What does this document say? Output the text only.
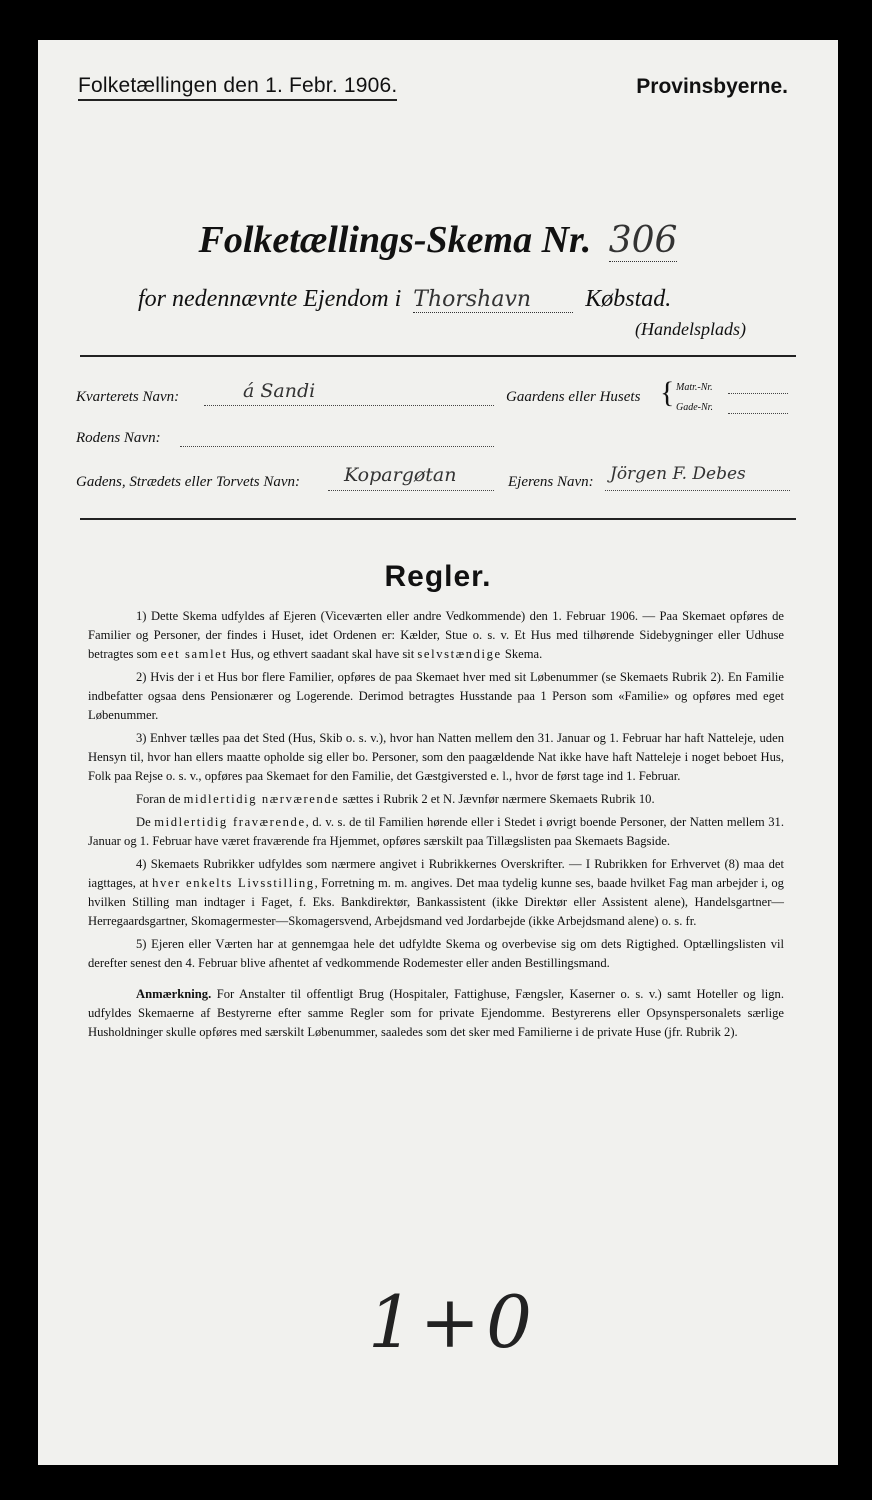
Folketællingen den 1. Febr. 1906.	Provinsbyerne.
Folketællings-Skema Nr. 306
for nedennævnte Ejendom i Thorshavn Købstad.
(Handelsplads)
Kvarterets Navn:	á Sandi	Gaardens eller Husets { Matr.-Nr.
Gade-Nr.
Rodens Navn:
Gadens, Strædets eller Torvets Navn: Kopargøtan	Ejerens Navn: Jörgen F. Debes
Regler.

1) Dette Skema udfyldes af Ejeren (Viceværten eller andre Vedkommende) den 1. Februar 1906. — Paa Skemaet opføres de Familier og Personer, der findes i Huset, idet Ordenen er: Kælder, Stue o. s. v. Et Hus med tilhørende Sidebygninger eller Udhuse betragtes som eet samlet Hus, og ethvert saadant skal have sit selvstændige Skema.

2) Hvis der i et Hus bor flere Familier, opføres de paa Skemaet hver med sit Løbenummer (se Skemaets Rubrik 2). En Familie indbefatter ogsaa dens Pensionærer og Logerende. Derimod betragtes Husstande paa 1 Person som «Familie» og opføres med eget Løbenummer.

3) Enhver tælles paa det Sted (Hus, Skib o. s. v.), hvor han Natten mellem den 31. Januar og 1. Februar har haft Natteleje, uden Hensyn til, hvor han ellers maatte opholde sig eller bo. Personer, som den paagældende Nat ikke have haft Natteleje i noget beboet Hus, Folk paa Rejse o. s. v., opføres paa Skemaet for den Familie, det Gæstgiversted e. l., hvor de først tage ind 1. Februar.

Foran de midlertidig nærværende sættes i Rubrik 2 et N. Jævnfør nærmere Skemaets Rubrik 10.

De midlertidig fraværende, d. v. s. de til Familien hørende eller i Stedet i øvrigt boende Personer, der Natten mellem 31. Januar og 1. Februar have været fraværende fra Hjemmet, opføres særskilt paa Tillægslisten paa Skemaets Bagside.

4) Skemaets Rubrikker udfyldes som nærmere angivet i Rubrikkernes Overskrifter. — I Rubrikken for Erhvervet (8) maa det iagttages, at hver enkelts Livsstilling, Forretning m. m. angives. Det maa tydelig kunne ses, baade hvilket Fag man arbejder i, og hvilken Stilling man indtager i Faget, f. Eks. Bankdirektør, Bankassistent (ikke Direktør eller Assistent alene), Handelsgartner—Herregaardsgartner, Skomagermester—Skomagersvend, Arbejdsmand ved Jordarbejde (ikke Arbejdsmand alene) o. s. fr.

5) Ejeren eller Værten har at gennemgaa hele det udfyldte Skema og overbevise sig om dets Rigtighed. Optællingslisten vil derefter senest den 4. Februar blive afhentet af vedkommende Rodemester eller anden Bestillingsmand.

Anmærkning. For Anstalter til offentligt Brug (Hospitaler, Fattighuse, Fængsler, Kaserner o. s. v.) samt Hoteller og lign. udfyldes Skemaerne af Bestyrerne efter samme Regler som for private Ejendomme. Bestyrerens eller Opsynspersonalets særlige Husholdninger skulle opføres med særskilt Løbenummer, saaledes som det sker med Familierne i de private Huse (jfr. Rubrik 2).

1+0
